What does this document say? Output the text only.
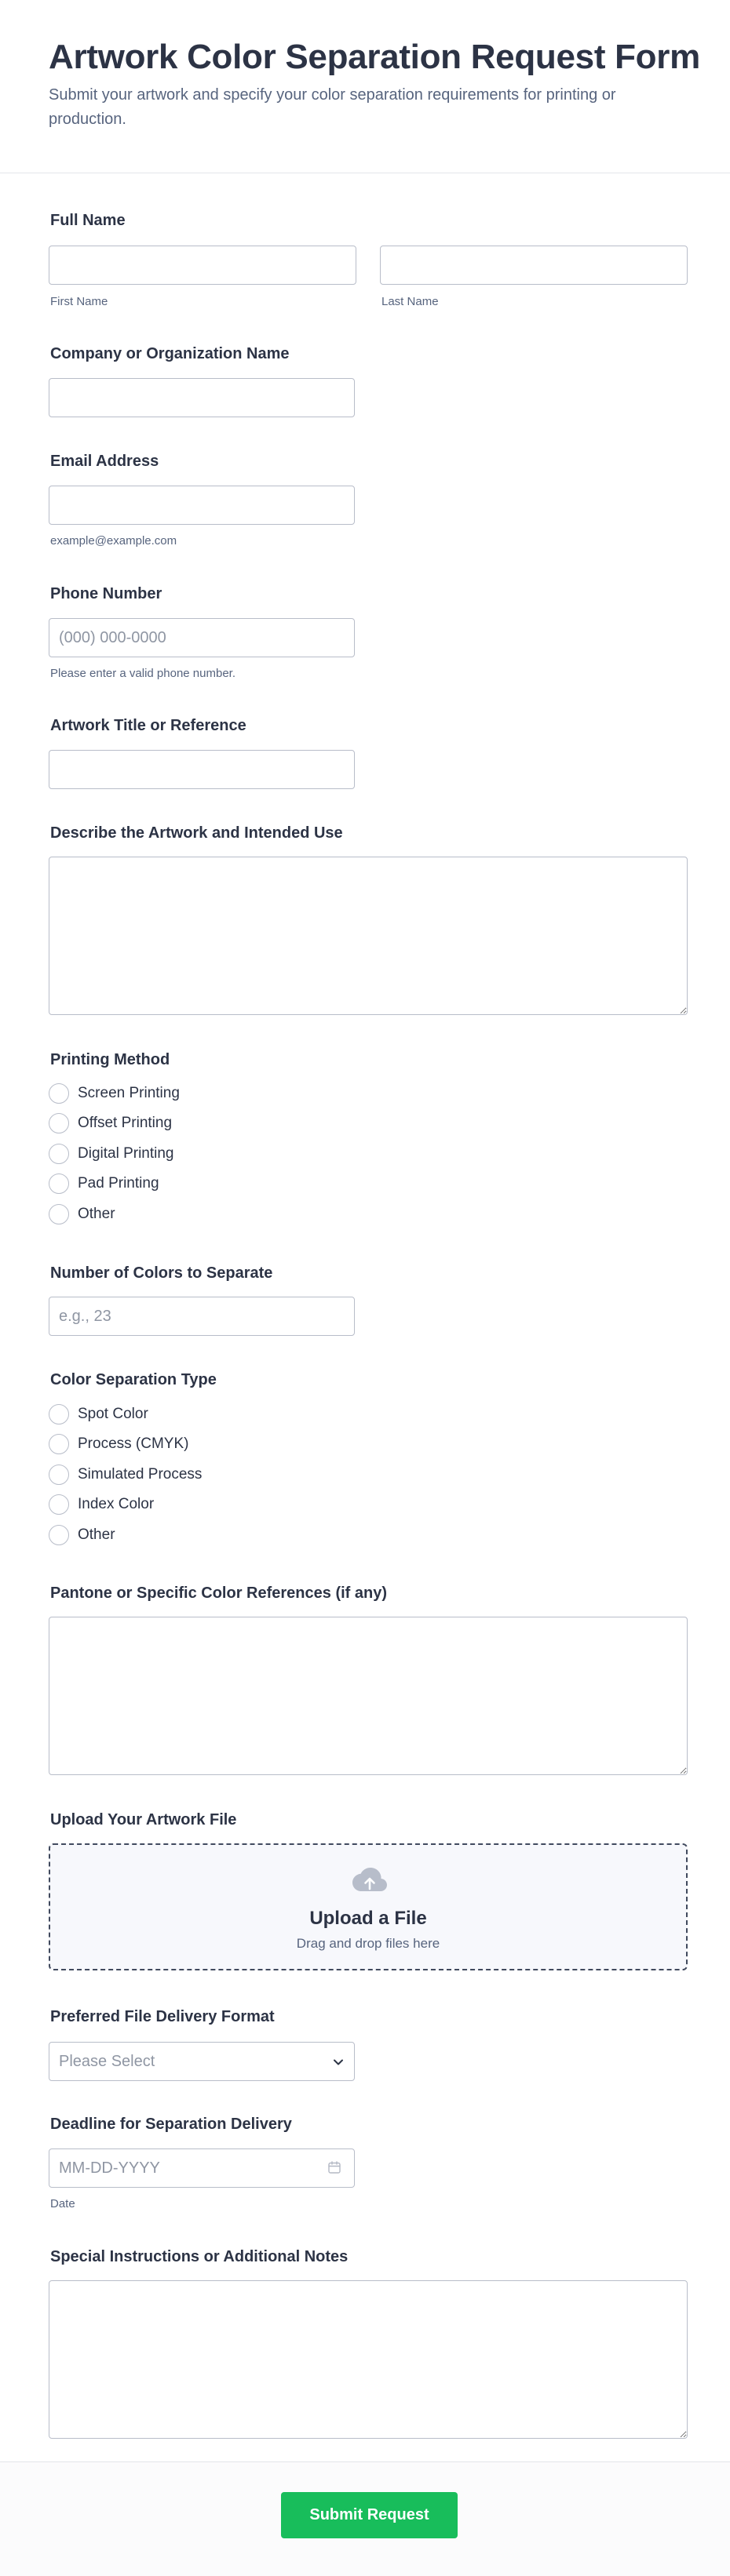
Artwork Color Separation Request Form

Submit your artwork and specify your color separation requirements for printing or production.

Full Name
First Name	Last Name
Company or Organization Name
Email Address
example@example.com
Phone Number
(000) 000-0000
Please enter a valid phone number.
Artwork Title or Reference
Describe the Artwork and Intended Use
Printing Method
Screen Printing
Offset Printing
Digital Printing
Pad Printing
Other
Number of Colors to Separate
e.g., 23
Color Separation Type
Spot Color
Process (CMYK)
Simulated Process
Index Color
Other
Pantone or Specific Color References (if any)
Upload Your Artwork File
Upload a File
Drag and drop files here
Preferred File Delivery Format
Please Select
Deadline for Separation Delivery
MM-DD-YYYY
Date
Special Instructions or Additional Notes
Submit Request
